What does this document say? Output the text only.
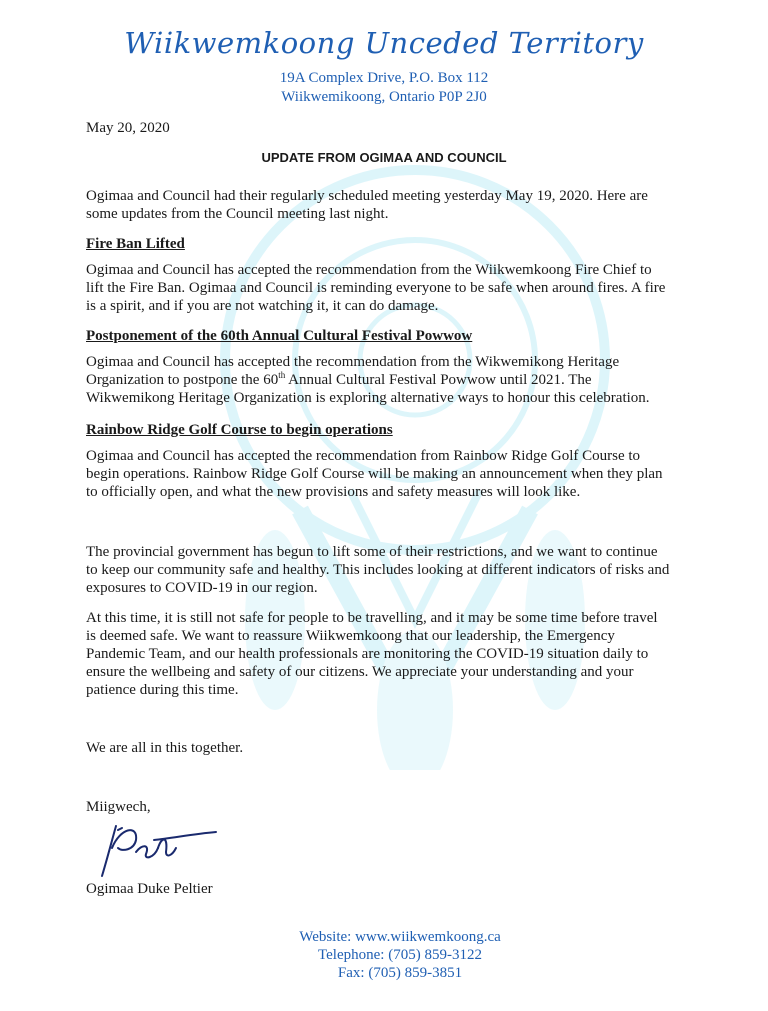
Wiikwemkoong Unceded Territory
19A Complex Drive, P.O. Box 112
Wiikwemikoong, Ontario P0P 2J0
May 20, 2020
UPDATE FROM OGIMAA AND COUNCIL
Ogimaa and Council had their regularly scheduled meeting yesterday May 19, 2020. Here are
some updates from the Council meeting last night.
Fire Ban Lifted
Ogimaa and Council has accepted the recommendation from the Wiikwemkoong Fire Chief to
lift the Fire Ban. Ogimaa and Council is reminding everyone to be safe when around fires. A fire
is a spirit, and if you are not watching it, it can do damage.
Postponement of the 60th Annual Cultural Festival Powwow
Ogimaa and Council has accepted the recommendation from the Wikwemikong Heritage
Organization to postpone the 60th Annual Cultural Festival Powwow until 2021. The
Wikwemikong Heritage Organization is exploring alternative ways to honour this celebration.
Rainbow Ridge Golf Course to begin operations
Ogimaa and Council has accepted the recommendation from Rainbow Ridge Golf Course to
begin operations. Rainbow Ridge Golf Course will be making an announcement when they plan
to officially open, and what the new provisions and safety measures will look like.
The provincial government has begun to lift some of their restrictions, and we want to continue
to keep our community safe and healthy. This includes looking at different indicators of risks and
exposures to COVID-19 in our region.
At this time, it is still not safe for people to be travelling, and it may be some time before travel
is deemed safe. We want to reassure Wiikwemkoong that our leadership, the Emergency
Pandemic Team, and our health professionals are monitoring the COVID-19 situation daily to
ensure the wellbeing and safety of our citizens. We appreciate your understanding and your
patience during this time.
We are all in this together.
Miigwech,
Ogimaa Duke Peltier
Website: www.wiikwemkoong.ca
Telephone: (705) 859-3122
Fax: (705) 859-3851
